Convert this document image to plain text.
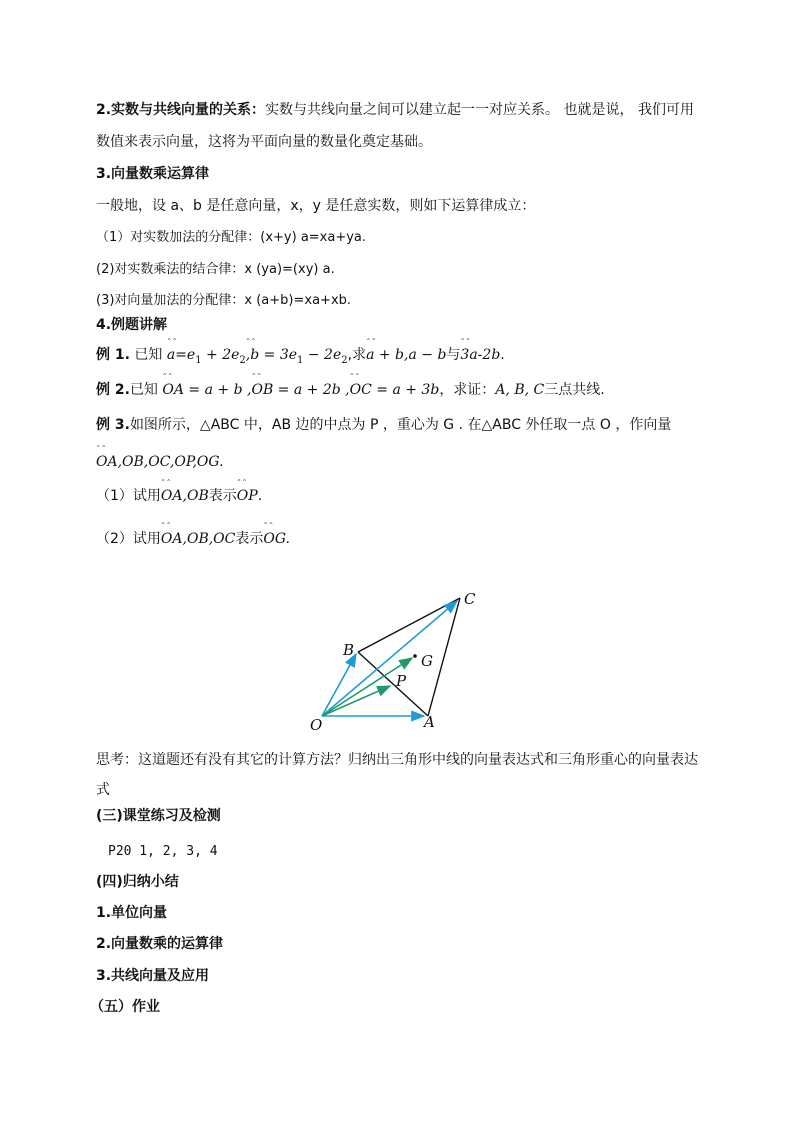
2.实数与共线向量的关系：实数与共线向量之间可以建立起一一对应关系。 也就是说， 我们可用
数值来表示向量，这将为平面向量的数量化奠定基础。
3.向量数乘运算律
一般地，设 a、b 是任意向量，x，y 是任意实数，则如下运算律成立：
（1）对实数加法的分配律：(x+y) a=xa+ya.
(2)对实数乘法的结合律：x (ya)=(xy) a.
(3)对向量加法的分配律：x (a+b)=xa+xb.
4.例题讲解
例 1. 已知 ˆˆ $a=e_1$ + $2e_2ˆˆ$ $,b = 3e_1 - 2e_2$,求ˆˆ a + b,a − b与ˆˆ 3a-2b.
例 2.已知 ˆˆ OA = a + b ,ˆˆ OB = a + 2b ,ˆˆ OC = a + 3b，求证：A, B, C三点共线.
例 3.如图所示，△ABC 中，AB 边的中点为 P ，重心为 G . 在△ABC 外任取一点 O ，作向量
ˆˆ OA,OB,OC,OP,OG.
（1）试用ˆˆ OA,OB表示ˆˆ OP.
（2）试用ˆˆ OA,OB,OC表示ˆˆ OG.
O	A
B
C
P
G
思考：这道题还有没有其它的计算方法？归纳出三角形中线的向量表达式和三角形重心的向量表达
式
(三)课堂练习及检测
P20 1, 2, 3, 4
(四)归纳小结
1.单位向量
2.向量数乘的运算律
3.共线向量及应用
（五）作业
